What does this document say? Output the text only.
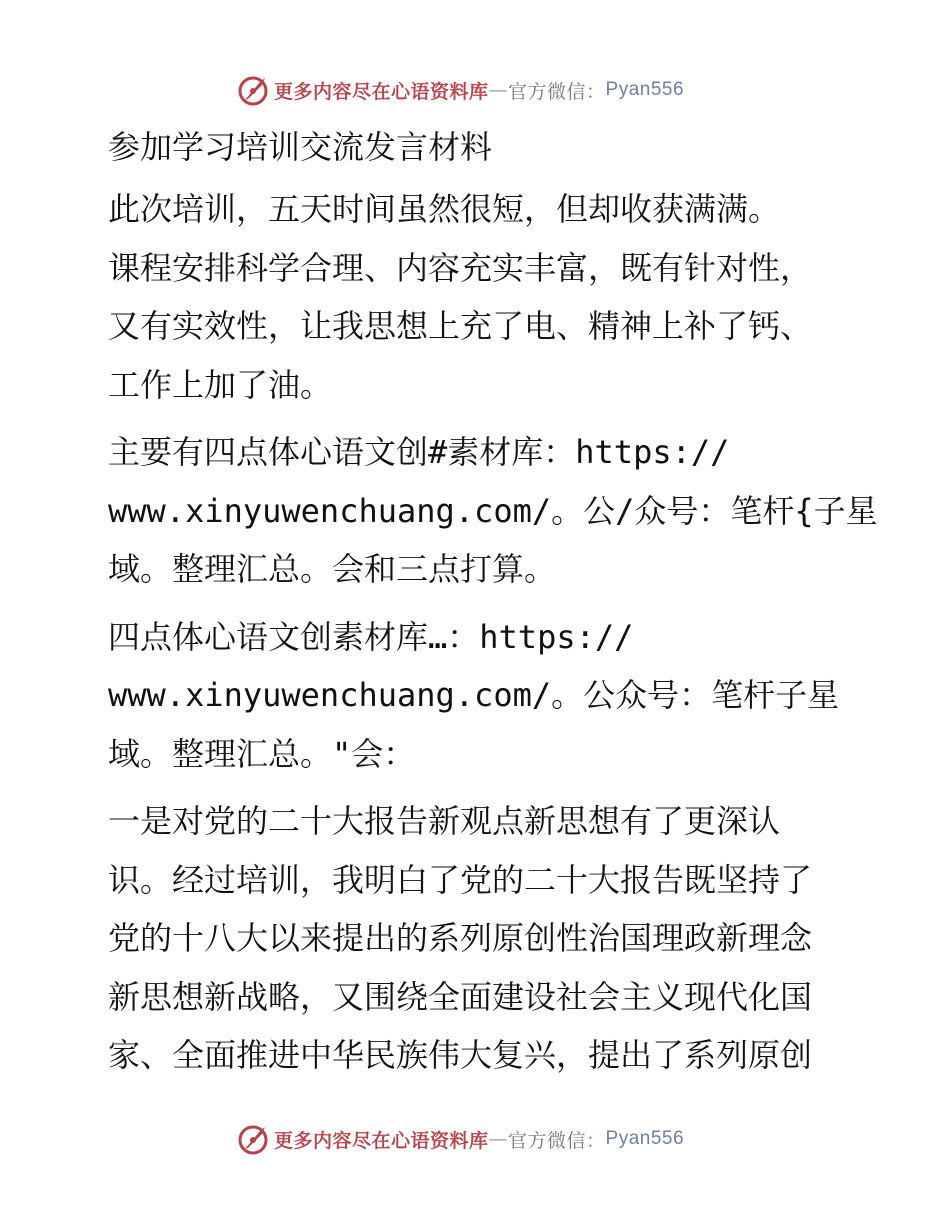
更多内容尽在心语资料库 — 官方微信： Pyan556
参加学习培训交流发言材料

此次培训，五天时间虽然很短，但却收获满满。
课程安排科学合理、内容充实丰富，既有针对性，
又有实效性，让我思想上充了电、精神上补了钙、
工作上加了油。

主要有四点体心语文创#素材库：https://
www.xinyuwenchuang.com/。公/众号：笔杆{子星
域。整理汇总。会和三点打算。

四点体心语文创素材库…：https://
www.xinyuwenchuang.com/。公众号：笔杆子星
域。整理汇总。"会：

一是对党的二十大报告新观点新思想有了更深认
识。经过培训，我明白了党的二十大报告既坚持了
党的十八大以来提出的系列原创性治国理政新理念
新思想新战略，又围绕全面建设社会主义现代化国
家、全面推进中华民族伟大复兴，提出了系列原创

更多内容尽在心语资料库 — 官方微信： Pyan556
